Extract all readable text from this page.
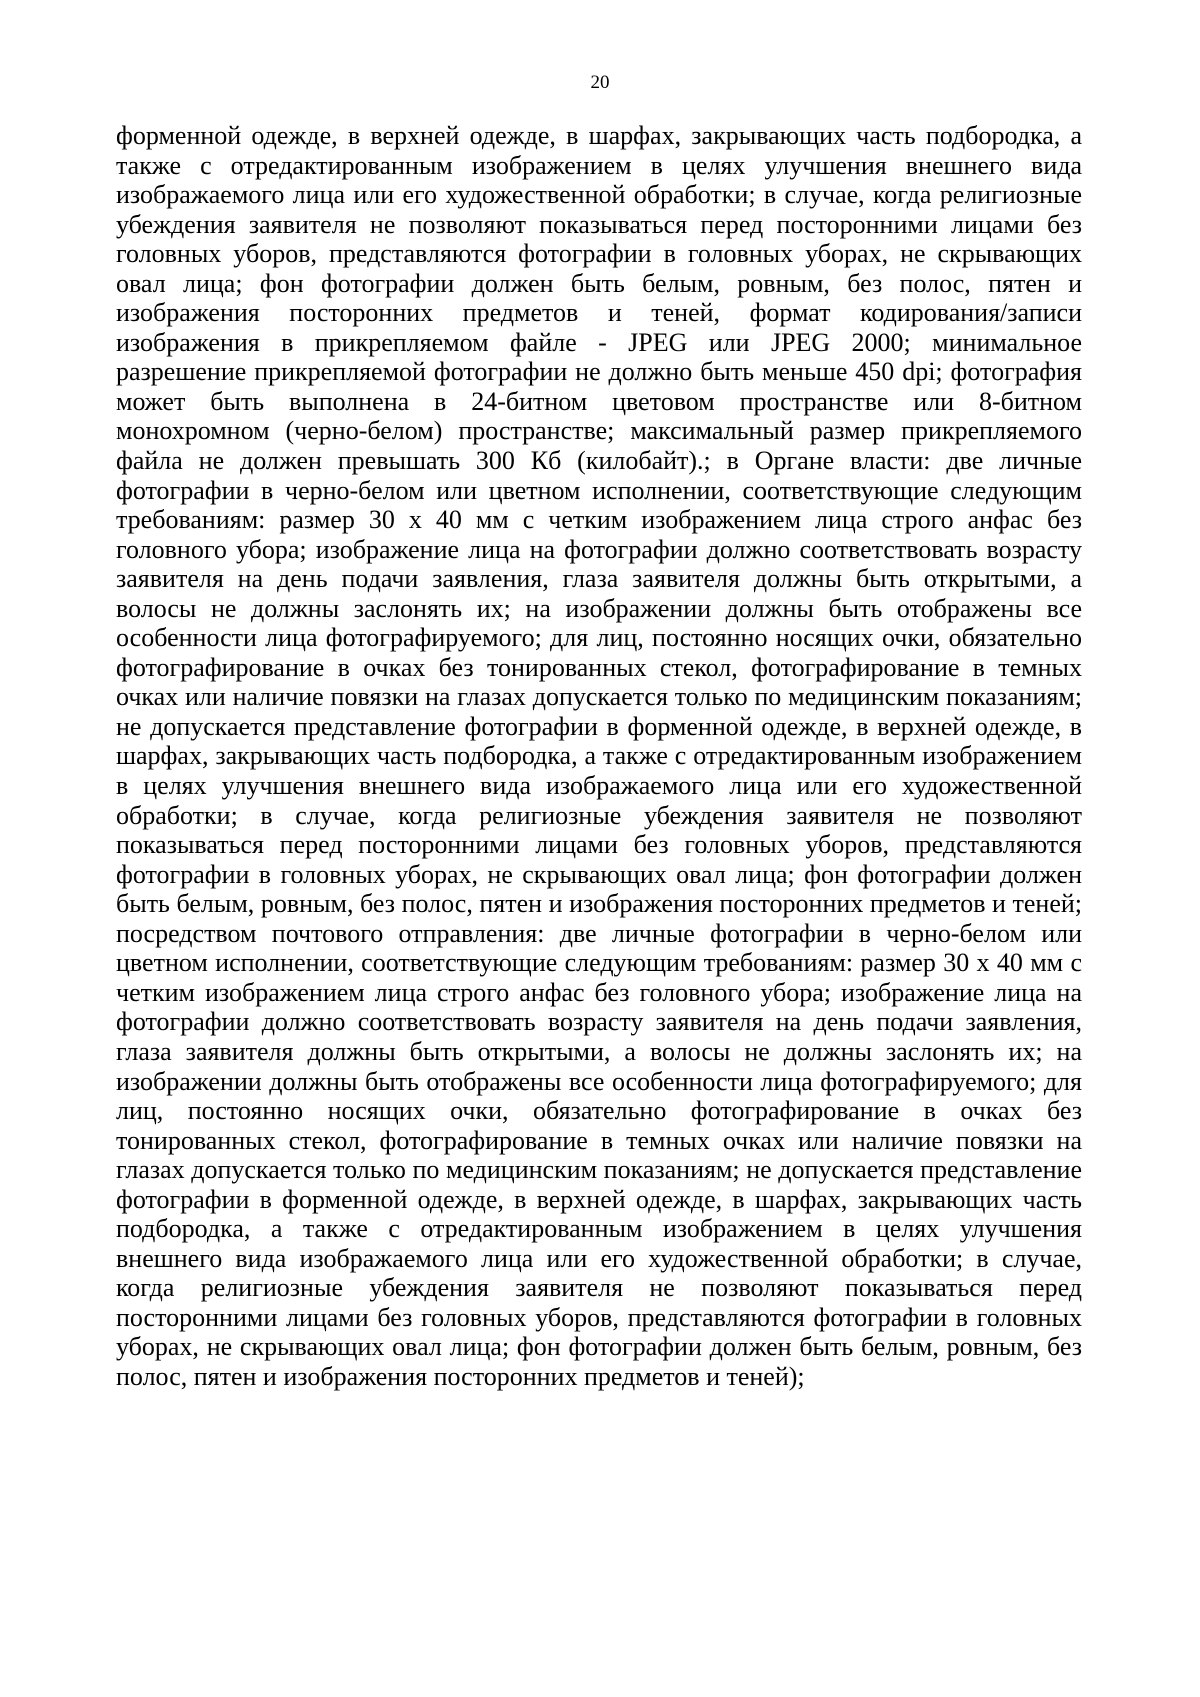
20

форменной одежде, в верхней одежде, в шарфах, закрывающих часть подбородка, а также с отредактированным изображением в целях улучшения внешнего вида изображаемого лица или его художественной обработки; в случае, когда религиозные убеждения заявителя не позволяют показываться перед посторонними лицами без головных уборов, представляются фотографии в головных уборах, не скрывающих овал лица; фон фотографии должен быть белым, ровным, без полос, пятен и изображения посторонних предметов и теней, формат кодирования/записи изображения в прикрепляемом файле - JPEG или JPEG 2000; минимальное разрешение прикрепляемой фотографии не должно быть меньше 450 dpi; фотография может быть выполнена в 24-битном цветовом пространстве или 8-битном монохромном (черно-белом) пространстве; максимальный размер прикрепляемого файла не должен превышать 300 Кб (килобайт).; в Органе власти: две личные фотографии в черно-белом или цветном исполнении, соответствующие следующим требованиям: размер 30 x 40 мм с четким изображением лица строго анфас без головного убора; изображение лица на фотографии должно соответствовать возрасту заявителя на день подачи заявления, глаза заявителя должны быть открытыми, а волосы не должны заслонять их; на изображении должны быть отображены все особенности лица фотографируемого; для лиц, постоянно носящих очки, обязательно фотографирование в очках без тонированных стекол, фотографирование в темных очках или наличие повязки на глазах допускается только по медицинским показаниям; не допускается представление фотографии в форменной одежде, в верхней одежде, в шарфах, закрывающих часть подбородка, а также с отредактированным изображением в целях улучшения внешнего вида изображаемого лица или его художественной обработки; в случае, когда религиозные убеждения заявителя не позволяют показываться перед посторонними лицами без головных уборов, представляются фотографии в головных уборах, не скрывающих овал лица; фон фотографии должен быть белым, ровным, без полос, пятен и изображения посторонних предметов и теней; посредством почтового отправления: две личные фотографии в черно-белом или цветном исполнении, соответствующие следующим требованиям: размер 30 x 40 мм с четким изображением лица строго анфас без головного убора; изображение лица на фотографии должно соответствовать возрасту заявителя на день подачи заявления, глаза заявителя должны быть открытыми, а волосы не должны заслонять их; на изображении должны быть отображены все особенности лица фотографируемого; для лиц, постоянно носящих очки, обязательно фотографирование в очках без тонированных стекол, фотографирование в темных очках или наличие повязки на глазах допускается только по медицинским показаниям; не допускается представление фотографии в форменной одежде, в верхней одежде, в шарфах, закрывающих часть подбородка, а также с отредактированным изображением в целях улучшения внешнего вида изображаемого лица или его художественной обработки; в случае, когда религиозные убеждения заявителя не позволяют показываться перед посторонними лицами без головных уборов, представляются фотографии в головных уборах, не скрывающих овал лица; фон фотографии должен быть белым, ровным, без полос, пятен и изображения посторонних предметов и теней);
